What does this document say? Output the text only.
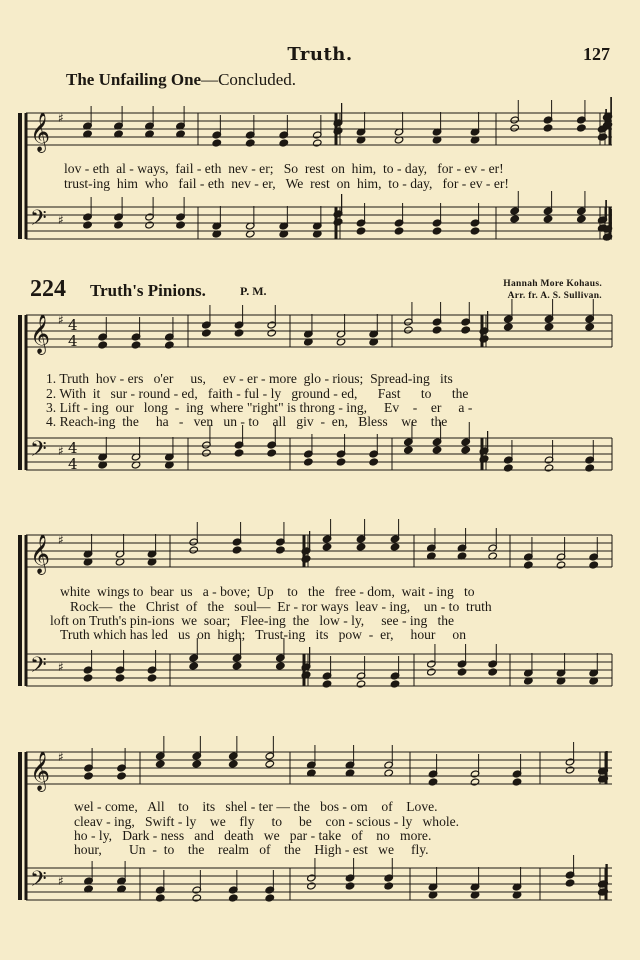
Truth.	127
The Unfailing One—Concluded.
𝄞
𝄢
♯
♯
𝄞
𝄢
♯
♯
4
4
4
4
𝄞
𝄢
♯
♯
𝄞
𝄢
♯
♯
lov - eth  al - ways,  fail - eth  nev - er;   So  rest  on  him,  to - day,   for - ev - er!
trust-ing  him  who   fail - eth  nev - er,   We  rest  on  him,  to - day,   for - ev - er!
224 Truth's Pinions.	P. M.	Hannah More Kohaus.
Arr. fr. A. S. Sullivan.
1. Truth  hov - ers   o'er     us,     ev - er - more  glo - rious;  Spread-ing   its
2. With  it   sur - round - ed,   faith - ful - ly   ground - ed,      Fast      to      the
3. Lift - ing  our   long  -  ing  where "right" is throng - ing,     Ev    -    er     a -
4. Reach-ing  the     ha   -   ven   un - to    all   giv  -  en,   Bless    we    the
white  wings to  bear  us   a - bove;  Up    to   the   free - dom,  wait - ing   to
Rock—  the   Christ  of   the   soul—  Er - ror ways  leav - ing,    un - to  truth
loft on Truth's pin-ions  we  soar;   Flee-ing  the   low - ly,     see - ing   the
Truth which has led   us  on  high;   Trust-ing   its   pow  -  er,     hour     on
wel - come,   All    to    its   shel - ter — the   bos - om    of    Love.
cleav - ing,   Swift - ly    we    fly     to     be    con - scious - ly   whole.
ho - ly,   Dark - ness   and   death   we   par - take   of    no   more.
hour,        Un  -  to    the    realm   of    the    High - est   we     fly.
